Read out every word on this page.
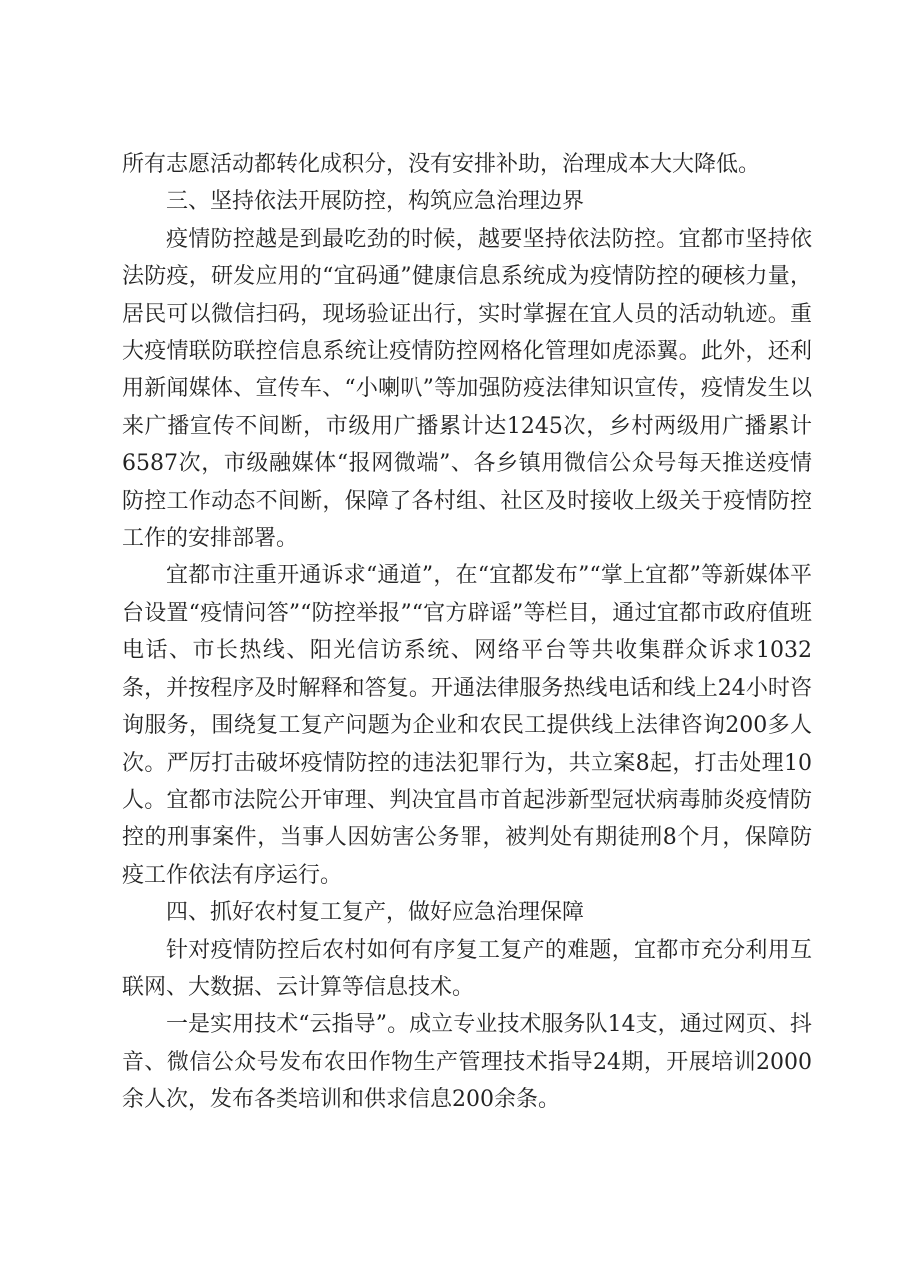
所有志愿活动都转化成积分，没有安排补助，治理成本大大降低。

三、坚持依法开展防控，构筑应急治理边界

疫情防控越是到最吃劲的时候，越要坚持依法防控。宜都市坚持依法防疫，研发应用的“宜码通”健康信息系统成为疫情防控的硬核力量，居民可以微信扫码，现场验证出行，实时掌握在宜人员的活动轨迹。重大疫情联防联控信息系统让疫情防控网格化管理如虎添翼。此外，还利用新闻媒体、宣传车、“小喇叭”等加强防疫法律知识宣传，疫情发生以来广播宣传不间断，市级用广播累计达1245次，乡村两级用广播累计6587次，市级融媒体“报网微端”、各乡镇用微信公众号每天推送疫情防控工作动态不间断，保障了各村组、社区及时接收上级关于疫情防控工作的安排部署。

宜都市注重开通诉求“通道”，在“宜都发布”“掌上宜都”等新媒体平台设置“疫情问答”“防控举报”“官方辟谣”等栏目，通过宜都市政府值班电话、市长热线、阳光信访系统、网络平台等共收集群众诉求1032条，并按程序及时解释和答复。开通法律服务热线电话和线上24小时咨询服务，围绕复工复产问题为企业和农民工提供线上法律咨询200多人次。严厉打击破坏疫情防控的违法犯罪行为，共立案8起，打击处理10人。宜都市法院公开审理、判决宜昌市首起涉新型冠状病毒肺炎疫情防控的刑事案件，当事人因妨害公务罪，被判处有期徒刑8个月，保障防疫工作依法有序运行。

四、抓好农村复工复产，做好应急治理保障

针对疫情防控后农村如何有序复工复产的难题，宜都市充分利用互联网、大数据、云计算等信息技术。

一是实用技术“云指导”。成立专业技术服务队14支，通过网页、抖音、微信公众号发布农田作物生产管理技术指导24期，开展培训2000余人次，发布各类培训和供求信息200余条。
